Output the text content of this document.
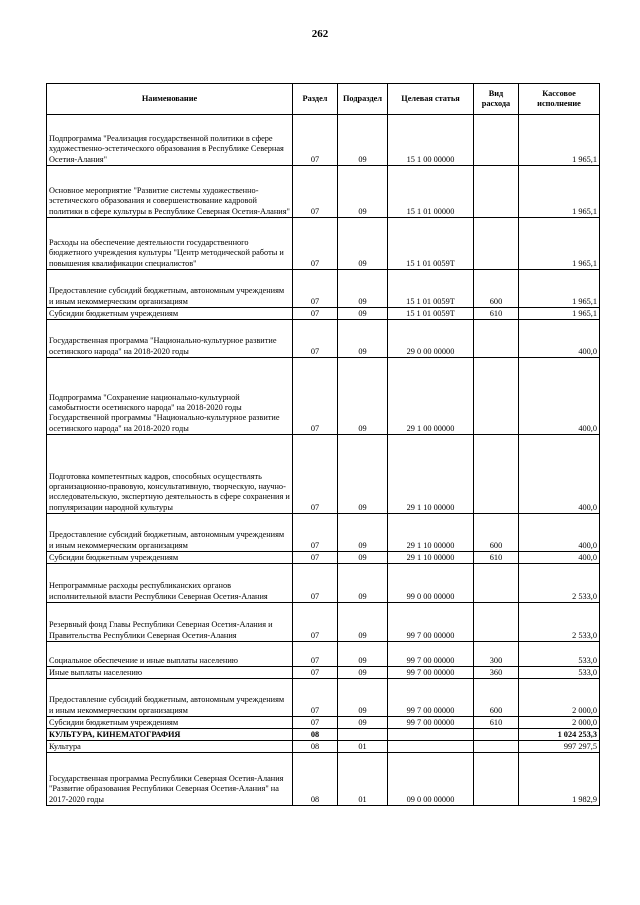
262
Наименование	Раздел	Подраздел	Целевая статья	Вид расхода	Кассовое исполнение
Подпрограмма "Реализация государственной политики в сфере художественно-эстетического образования в Республике Северная Осетия-Алания"	07	09	15 1 00 00000		1 965,1
Основное мероприятие "Развитие системы художественно-эстетического образования и совершенствование кадровой политики в сфере культуры в Республике Северная Осетия-Алания"	07	09	15 1 01 00000		1 965,1
Расходы на обеспечение деятельности государственного бюджетного учреждения культуры "Центр методической работы и повышения квалификации специалистов"	07	09	15 1 01 0059Т		1 965,1
Предоставление субсидий бюджетным, автономным учреждениям и иным некоммерческим организациям	07	09	15 1 01 0059Т	600	1 965,1
Субсидии бюджетным учреждениям	07	09	15 1 01 0059Т	610	1 965,1
Государственная программа "Национально-культурное развитие осетинского народа" на 2018-2020 годы	07	09	29 0 00 00000		400,0
Подпрограмма "Сохранение национально-культурной самобытности осетинского народа" на 2018-2020 годы Государственной программы "Национально-культурное развитие осетинского народа" на 2018-2020 годы	07	09	29 1 00 00000		400,0
Подготовка компетентных кадров, способных осуществлять организационно-правовую, консультативную, творческую, научно-исследовательскую, экспертную деятельность в сфере сохранения и популяризации народной культуры	07	09	29 1 10 00000		400,0
Предоставление субсидий бюджетным, автономным учреждениям и иным некоммерческим организациям	07	09	29 1 10 00000	600	400,0
Субсидии бюджетным учреждениям	07	09	29 1 10 00000	610	400,0
Непрограммные расходы республиканских органов исполнительной власти Республики Северная Осетия-Алания	07	09	99 0 00 00000		2 533,0
Резервный фонд Главы Республики Северная Осетия-Алания и Правительства Республики Северная Осетия-Алания	07	09	99 7 00 00000		2 533,0
Социальное обеспечение и иные выплаты населению	07	09	99 7 00 00000	300	533,0
Иные выплаты населению	07	09	99 7 00 00000	360	533,0
Предоставление субсидий бюджетным, автономным учреждениям и иным некоммерческим организациям	07	09	99 7 00 00000	600	2 000,0
Субсидии бюджетным учреждениям	07	09	99 7 00 00000	610	2 000,0
КУЛЬТУРА, КИНЕМАТОГРАФИЯ	08				1 024 253,3
Культура	08	01			997 297,5
Государственная программа Республики Северная Осетия-Алания "Развитие образования Республики Северная Осетия-Алания" на 2017-2020 годы	08	01	09 0 00 00000		1 982,9
